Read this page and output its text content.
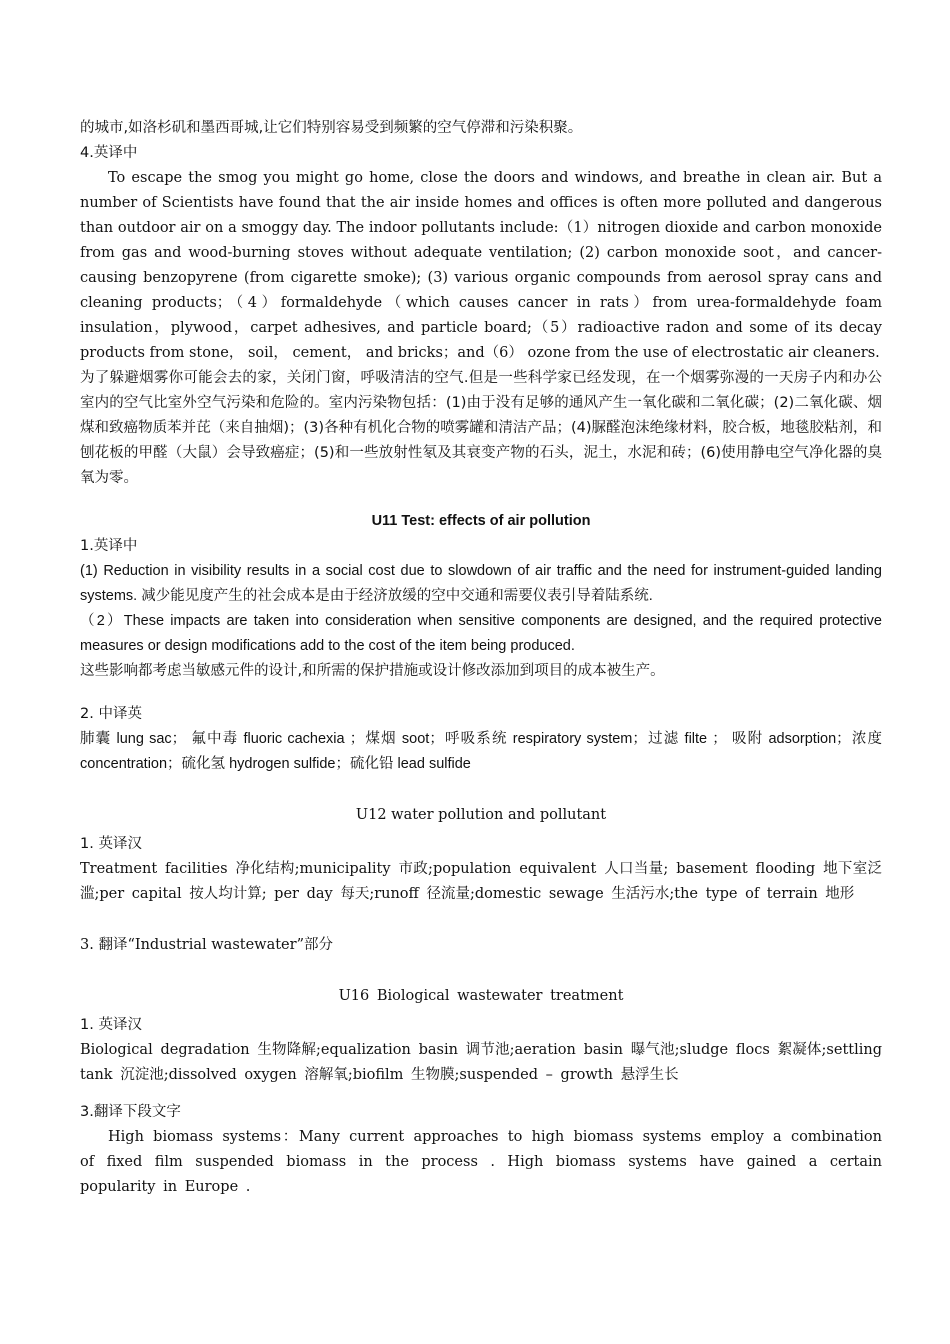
的城市,如洛杉矶和墨西哥城,让它们特别容易受到频繁的空气停滞和污染积聚。

4.英译中

To escape the smog you might go home, close the doors and windows, and breathe in clean air. But a number of Scientists have found that the air inside homes and offices is often more polluted and dangerous than outdoor air on a smoggy day. The indoor pollutants include:（1）nitrogen dioxide and carbon monoxide from gas and wood-burning stoves without adequate ventilation; (2) carbon monoxide soot，and cancer-causing benzopyrene (from cigarette smoke); (3) various organic compounds from aerosol spray cans and cleaning products；（4）formaldehyde（which causes cancer in rats）from urea-formaldehyde foam insulation，plywood，carpet adhesives, and particle board;（5）radioactive radon and some of its decay products from stone， soil， cement， and bricks；and（6） ozone from the use of electrostatic air cleaners.

为了躲避烟雾你可能会去的家，关闭门窗，呼吸清洁的空气.但是一些科学家已经发现，在一个烟雾弥漫的一天房子内和办公室内的空气比室外空气污染和危险的。室内污染物包括：(1)由于没有足够的通风产生一氧化碳和二氧化碳；(2)二氧化碳、烟煤和致癌物质苯并芘（来自抽烟)；(3)各种有机化合物的喷雾罐和清洁产品；(4)脲醛泡沫绝缘材料，胶合板，地毯胶粘剂，和刨花板的甲醛（大鼠）会导致癌症；(5)和一些放射性氡及其衰变产物的石头，泥土，水泥和砖；(6)使用静电空气净化器的臭氧为零。

U11 Test: effects of air pollution

1.英译中

(1) Reduction in visibility results in a social cost due to slowdown of air traffic and the need for instrument-guided landing systems. 减少能见度产生的社会成本是由于经济放缓的空中交通和需要仪表引导着陆系统.

（2）These impacts are taken into consideration when sensitive components are designed, and the required protective measures or design modifications add to the cost of the item being produced.

这些影响都考虑当敏感元件的设计,和所需的保护措施或设计修改添加到项目的成本被生产。

2. 中译英

肺囊 lung sac； 氟中毒 fluoric cachexia ；煤烟 soot；呼吸系统 respiratory system；过滤 filte ； 吸附 adsorption；浓度 concentration；硫化氢 hydrogen sulfide；硫化铅 lead sulfide

U12 water pollution and pollutant

1. 英译汉

Treatment facilities 净化结构;municipality 市政;population equivalent 人口当量; basement flooding 地下室泛滥;per capital 按人均计算; per day 每天;runoff 径流量;domestic sewage 生活污水;the type of terrain 地形

3. 翻译“Industrial wastewater”部分

U16 Biological wastewater treatment

1. 英译汉

Biological degradation 生物降解;equalization basin 调节池;aeration basin 曝气池;sludge flocs 絮凝体;settling tank 沉淀池;dissolved oxygen 溶解氧;biofilm 生物膜;suspended – growth 悬浮生长

3.翻译下段文字

High biomass systems：Many current approaches to high biomass systems employ a combination of fixed film suspended biomass in the process . High biomass systems have gained a certain popularity in Europe .
